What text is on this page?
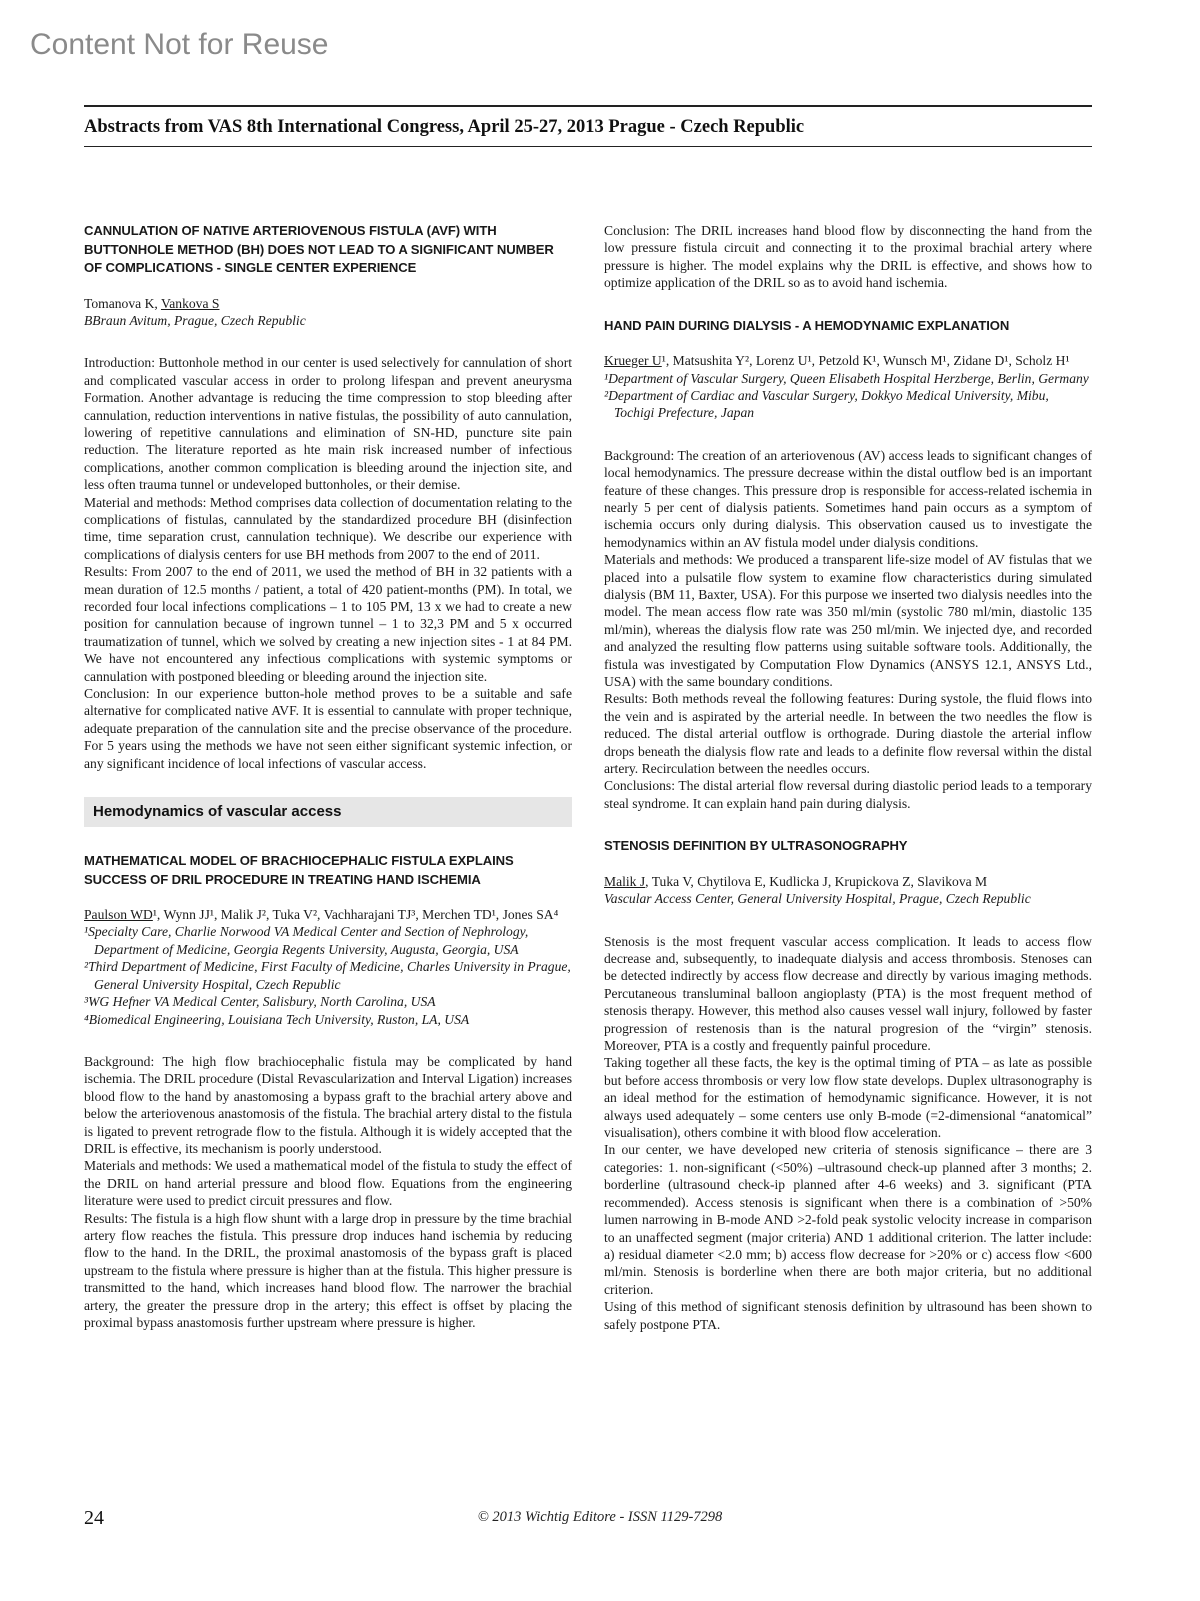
Content Not for Reuse
Abstracts from VAS 8th International Congress, April 25-27, 2013 Prague - Czech Republic

CANNULATION OF NATIVE ARTERIOVENOUS FISTULA (AVF) WITH BUTTONHOLE METHOD (BH) DOES NOT LEAD TO A SIGNIFICANT NUMBER OF COMPLICATIONS - SINGLE CENTER EXPERIENCE

Tomanova K, Vankova S

BBraun Avitum, Prague, Czech Republic

Introduction: Buttonhole method in our center is used selectively for cannulation of short and complicated vascular access in order to prolong lifespan and prevent aneurysma Formation. Another advantage is reducing the time compression to stop bleeding after cannulation, reduction interventions in native fistulas, the possibility of auto cannulation, lowering of repetitive cannulations and elimination of SN-HD, puncture site pain reduction. The literature reported as hte main risk increased number of infectious complications, another common complication is bleeding around the injection site, and less often trauma tunnel or undeveloped buttonholes, or their demise.

Material and methods: Method comprises data collection of documentation relating to the complications of fistulas, cannulated by the standardized procedure BH (disinfection time, time separation crust, cannulation technique). We describe our experience with complications of dialysis centers for use BH methods from 2007 to the end of 2011.

Results: From 2007 to the end of 2011, we used the method of BH in 32 patients with a mean duration of 12.5 months / patient, a total of 420 patient-months (PM). In total, we recorded four local infections complications – 1 to 105 PM, 13 x we had to create a new position for cannulation because of ingrown tunnel – 1 to 32,3 PM and 5 x occurred traumatization of tunnel, which we solved by creating a new injection sites - 1 at 84 PM. We have not encountered any infectious complications with systemic symptoms or cannulation with postponed bleeding or bleeding around the injection site.

Conclusion: In our experience button-hole method proves to be a suitable and safe alternative for complicated native AVF. It is essential to cannulate with proper technique, adequate preparation of the cannulation site and the precise observance of the procedure. For 5 years using the methods we have not seen either significant systemic infection, or any significant incidence of local infections of vascular access.

Hemodynamics of vascular access

MATHEMATICAL MODEL OF BRACHIOCEPHALIC FISTULA EXPLAINS SUCCESS OF DRIL PROCEDURE IN TREATING HAND ISCHEMIA

Paulson WD¹, Wynn JJ¹, Malik J², Tuka V², Vachharajani TJ³, Merchen TD¹, Jones SA⁴

¹Specialty Care, Charlie Norwood VA Medical Center and Section of Nephrology, Department of Medicine, Georgia Regents University, Augusta, Georgia, USA

²Third Department of Medicine, First Faculty of Medicine, Charles University in Prague, General University Hospital, Czech Republic

³WG Hefner VA Medical Center, Salisbury, North Carolina, USA

⁴Biomedical Engineering, Louisiana Tech University, Ruston, LA, USA

Background: The high flow brachiocephalic fistula may be complicated by hand ischemia. The DRIL procedure (Distal Revascularization and Interval Ligation) increases blood flow to the hand by anastomosing a bypass graft to the brachial artery above and below the arteriovenous anastomosis of the fistula. The brachial artery distal to the fistula is ligated to prevent retrograde flow to the fistula. Although it is widely accepted that the DRIL is effective, its mechanism is poorly understood.

Materials and methods: We used a mathematical model of the fistula to study the effect of the DRIL on hand arterial pressure and blood flow. Equations from the engineering literature were used to predict circuit pressures and flow.

Results: The fistula is a high flow shunt with a large drop in pressure by the time brachial artery flow reaches the fistula. This pressure drop induces hand ischemia by reducing flow to the hand. In the DRIL, the proximal anastomosis of the bypass graft is placed upstream to the fistula where pressure is higher than at the fistula. This higher pressure is transmitted to the hand, which increases hand blood flow. The narrower the brachial artery, the greater the pressure drop in the artery; this effect is offset by placing the proximal bypass anastomosis further upstream where pressure is higher.

Conclusion: The DRIL increases hand blood flow by disconnecting the hand from the low pressure fistula circuit and connecting it to the proximal brachial artery where pressure is higher. The model explains why the DRIL is effective, and shows how to optimize application of the DRIL so as to avoid hand ischemia.

HAND PAIN DURING DIALYSIS - A HEMODYNAMIC EXPLANATION

Krueger U¹, Matsushita Y², Lorenz U¹, Petzold K¹, Wunsch M¹, Zidane D¹, Scholz H¹

¹Department of Vascular Surgery, Queen Elisabeth Hospital Herzberge, Berlin, Germany

²Department of Cardiac and Vascular Surgery, Dokkyo Medical University, Mibu, Tochigi Prefecture, Japan

Background: The creation of an arteriovenous (AV) access leads to significant changes of local hemodynamics. The pressure decrease within the distal outflow bed is an important feature of these changes. This pressure drop is responsible for access-related ischemia in nearly 5 per cent of dialysis patients. Sometimes hand pain occurs as a symptom of ischemia occurs only during dialysis. This observation caused us to investigate the hemodynamics within an AV fistula model under dialysis conditions.

Materials and methods: We produced a transparent life-size model of AV fistulas that we placed into a pulsatile flow system to examine flow characteristics during simulated dialysis (BM 11, Baxter, USA). For this purpose we inserted two dialysis needles into the model. The mean access flow rate was 350 ml/min (systolic 780 ml/min, diastolic 135 ml/min), whereas the dialysis flow rate was 250 ml/min. We injected dye, and recorded and analyzed the resulting flow patterns using suitable software tools. Additionally, the fistula was investigated by Computation Flow Dynamics (ANSYS 12.1, ANSYS Ltd., USA) with the same boundary conditions.

Results: Both methods reveal the following features: During systole, the fluid flows into the vein and is aspirated by the arterial needle. In between the two needles the flow is reduced. The distal arterial outflow is orthograde. During diastole the arterial inflow drops beneath the dialysis flow rate and leads to a definite flow reversal within the distal artery. Recirculation between the needles occurs.

Conclusions: The distal arterial flow reversal during diastolic period leads to a temporary steal syndrome. It can explain hand pain during dialysis.

STENOSIS DEFINITION BY ULTRASONOGRAPHY

Malik J, Tuka V, Chytilova E, Kudlicka J, Krupickova Z, Slavikova M

Vascular Access Center, General University Hospital, Prague, Czech Republic

Stenosis is the most frequent vascular access complication. It leads to access flow decrease and, subsequently, to inadequate dialysis and access thrombosis. Stenoses can be detected indirectly by access flow decrease and directly by various imaging methods. Percutaneous transluminal balloon angioplasty (PTA) is the most frequent method of stenosis therapy. However, this method also causes vessel wall injury, followed by faster progression of restenosis than is the natural progresion of the “virgin” stenosis. Moreover, PTA is a costly and frequently painful procedure.

Taking together all these facts, the key is the optimal timing of PTA – as late as possible but before access thrombosis or very low flow state develops. Duplex ultrasonography is an ideal method for the estimation of hemodynamic significance. However, it is not always used adequately – some centers use only B-mode (=2-dimensional “anatomical” visualisation), others combine it with blood flow acceleration.

In our center, we have developed new criteria of stenosis significance – there are 3 categories: 1. non-significant (<50%) –ultrasound check-up planned after 3 months; 2. borderline (ultrasound check-ip planned after 4-6 weeks) and 3. significant (PTA recommended). Access stenosis is significant when there is a combination of >50% lumen narrowing in B-mode AND >2-fold peak systolic velocity increase in comparison to an unaffected segment (major criteria) AND 1 additional criterion. The latter include: a) residual diameter <2.0 mm; b) access flow decrease for >20% or c) access flow <600 ml/min. Stenosis is borderline when there are both major criteria, but no additional criterion.

Using of this method of significant stenosis definition by ultrasound has been shown to safely postpone PTA.

24	© 2013 Wichtig Editore - ISSN 1129-7298
